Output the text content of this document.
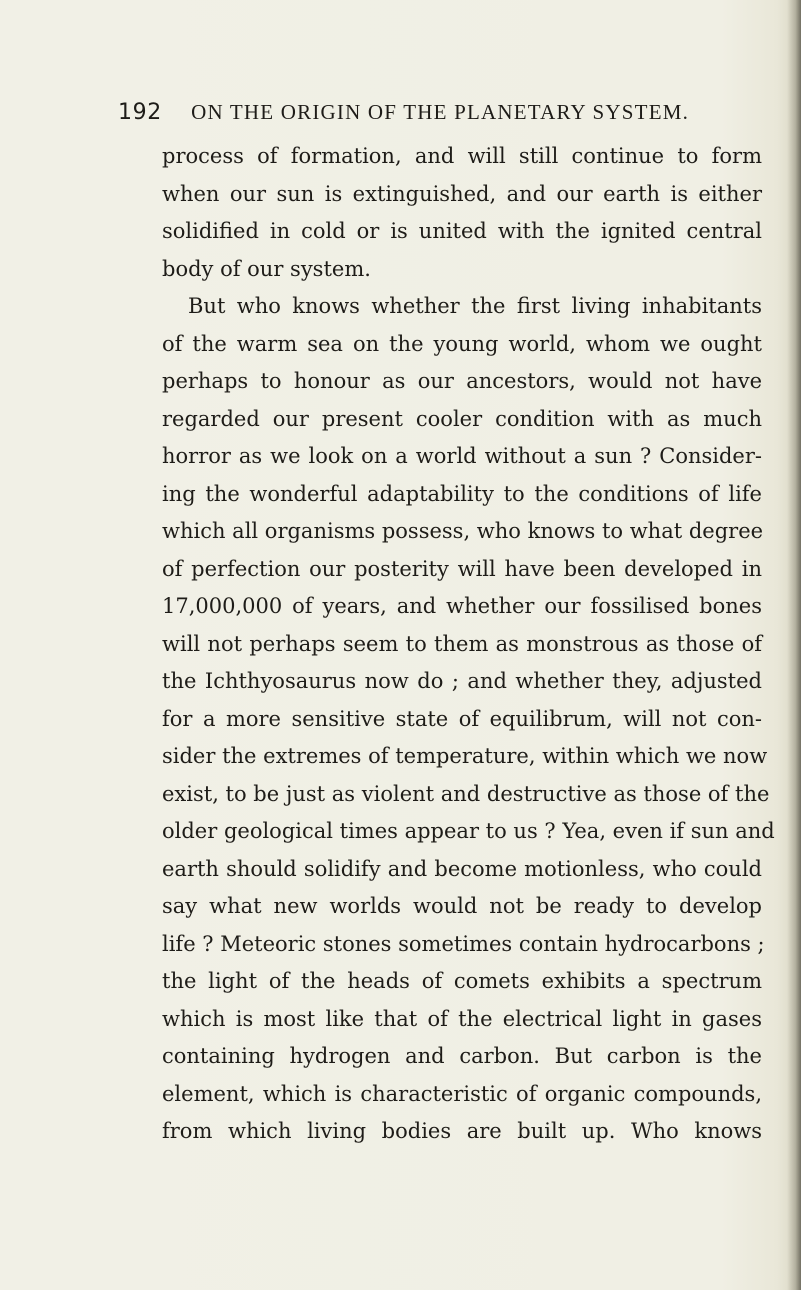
192 ON THE ORIGIN OF THE PLANETARY SYSTEM.
process of formation, and will still continue to form
when our sun is extinguished, and our earth is either
solidified in cold or is united with the ignited central
body of our system.
But who knows whether the first living inhabitants
of the warm sea on the young world, whom we ought
perhaps to honour as our ancestors, would not have
regarded our present cooler condition with as much
horror as we look on a world without a sun ? Consider-
ing the wonderful adaptability to the conditions of life
which all organisms possess, who knows to what degree
of perfection our posterity will have been developed in
17,000,000 of years, and whether our fossilised bones
will not perhaps seem to them as monstrous as those of
the Ichthyosaurus now do ; and whether they, adjusted
for a more sensitive state of equilibrum, will not con-
sider the extremes of temperature, within which we now
exist, to be just as violent and destructive as those of the
older geological times appear to us ? Yea, even if sun and
earth should solidify and become motionless, who could
say what new worlds would not be ready to develop
life ? Meteoric stones sometimes contain hydrocarbons ;
the light of the heads of comets exhibits a spectrum
which is most like that of the electrical light in gases
containing hydrogen and carbon. But carbon is the
element, which is characteristic of organic compounds,
from which living bodies are built up. Who knows
